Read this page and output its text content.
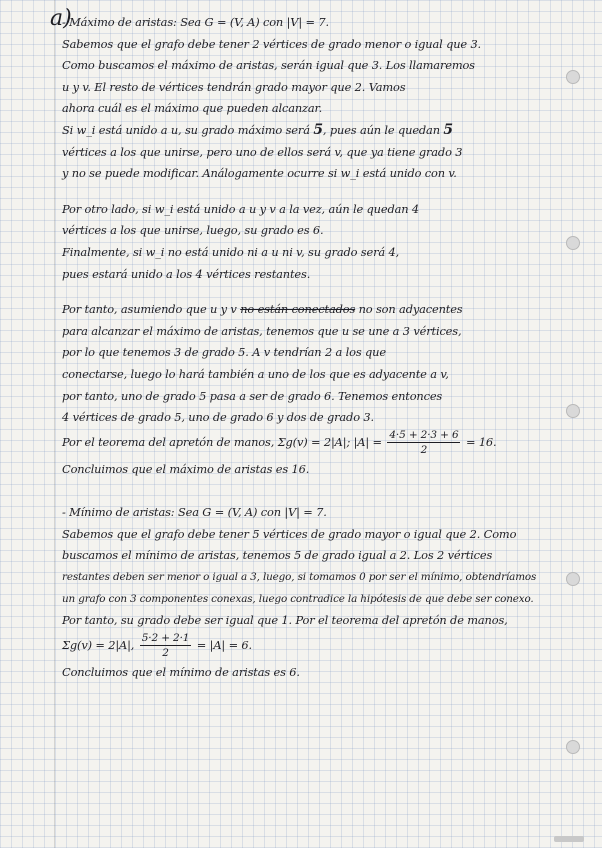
a)
- Máximo de aristas: Sea G = (V, A) con |V| = 7.
Sabemos que el grafo debe tener 2 vértices de grado menor o igual que 3.
Como buscamos el máximo de aristas, serán igual que 3. Los llamaremos
u y v. El resto de vértices tendrán grado mayor que 2. Vamos
ahora cuál es el máximo que pueden alcanzar.
Si w_i está unido a u, su grado máximo será 5, pues aún le quedan 5
vértices a los que unirse, pero uno de ellos será v, que ya tiene grado 3
y no se puede modificar. Análogamente ocurre si w_i está unido con v.
Por otro lado, si w_i está unido a u y v a la vez, aún le quedan 4
vértices a los que unirse, luego, su grado es 6.
Finalmente, si w_i no está unido ni a u ni v, su grado será 4,
pues estará unido a los 4 vértices restantes.
Por tanto, asumiendo que u y v no están conectados no son adyacentes
para alcanzar el máximo de aristas, tenemos que u se une a 3 vértices,
por lo que tenemos 3 de grado 5. A v tendrían 2 a los que
conectarse, luego lo hará también a uno de los que es adyacente a v,
por tanto, uno de grado 5 pasa a ser de grado 6. Tenemos entonces
4 vértices de grado 5, uno de grado 6 y dos de grado 3.
Por el teorema del apretón de manos, Σg(v) = 2|A|; $|A| = \frac{4\cdot 5 + 2\cdot 3 + 6}{2} = 16$.
Concluimos que el máximo de aristas es 16.
- Mínimo de aristas: Sea G = (V, A) con |V| = 7.
Sabemos que el grafo debe tener 5 vértices de grado mayor o igual que 2. Como
buscamos el mínimo de aristas, tenemos 5 de grado igual a 2. Los 2 vértices
restantes deben ser menor o igual a 3, luego, si tomamos 0 por ser el mínimo, obtendríamos
un grafo con 3 componentes conexas, luego contradice la hipótesis de que debe ser conexo.
Por tanto, su grado debe ser igual que 1. Por el teorema del apretón de manos,
Σg(v) = 2|A|, $\frac{5\cdot 2 + 2\cdot 1}{2} = |A| = 6$.
Concluimos que el mínimo de aristas es 6.
